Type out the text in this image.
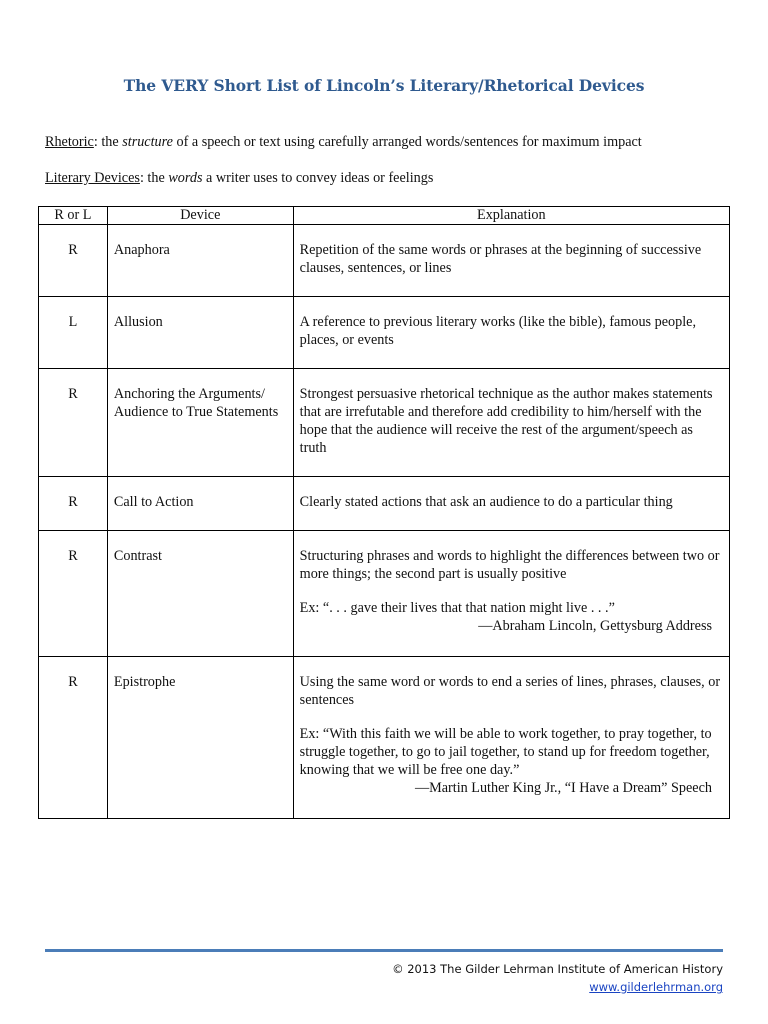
The VERY Short List of Lincoln’s Literary/Rhetorical Devices
Rhetoric: the structure of a speech or text using carefully arranged words/sentences for maximum impact
Literary Devices: the words a writer uses to convey ideas or feelings
R or L	Device	Explanation
R	Anaphora	Repetition of the same words or phrases at the beginning of successive clauses, sentences, or lines
L	Allusion	A reference to previous literary works (like the bible), famous people, places, or events
R	Anchoring the Arguments/ Audience to True Statements	Strongest persuasive rhetorical technique as the author makes statements that are irrefutable and therefore add credibility to him/herself with the hope that the audience will receive the rest of the argument/speech as truth
R	Call to Action	Clearly stated actions that ask an audience to do a particular thing
R	Contrast	Structuring phrases and words to highlight the differences between two or more things; the second part is usually positive
Ex: “. . . gave their lives that that nation might live . . .”
—Abraham Lincoln, Gettysburg Address

R	Epistrophe	Using the same word or words to end a series of lines, phrases, clauses, or sentences
Ex: “With this faith we will be able to work together, to pray together, to struggle together, to go to jail together, to stand up for freedom together, knowing that we will be free one day.”
—Martin Luther King Jr., “I Have a Dream” Speech
© 2013 The Gilder Lehrman Institute of American History
www.gilderlehrman.org
